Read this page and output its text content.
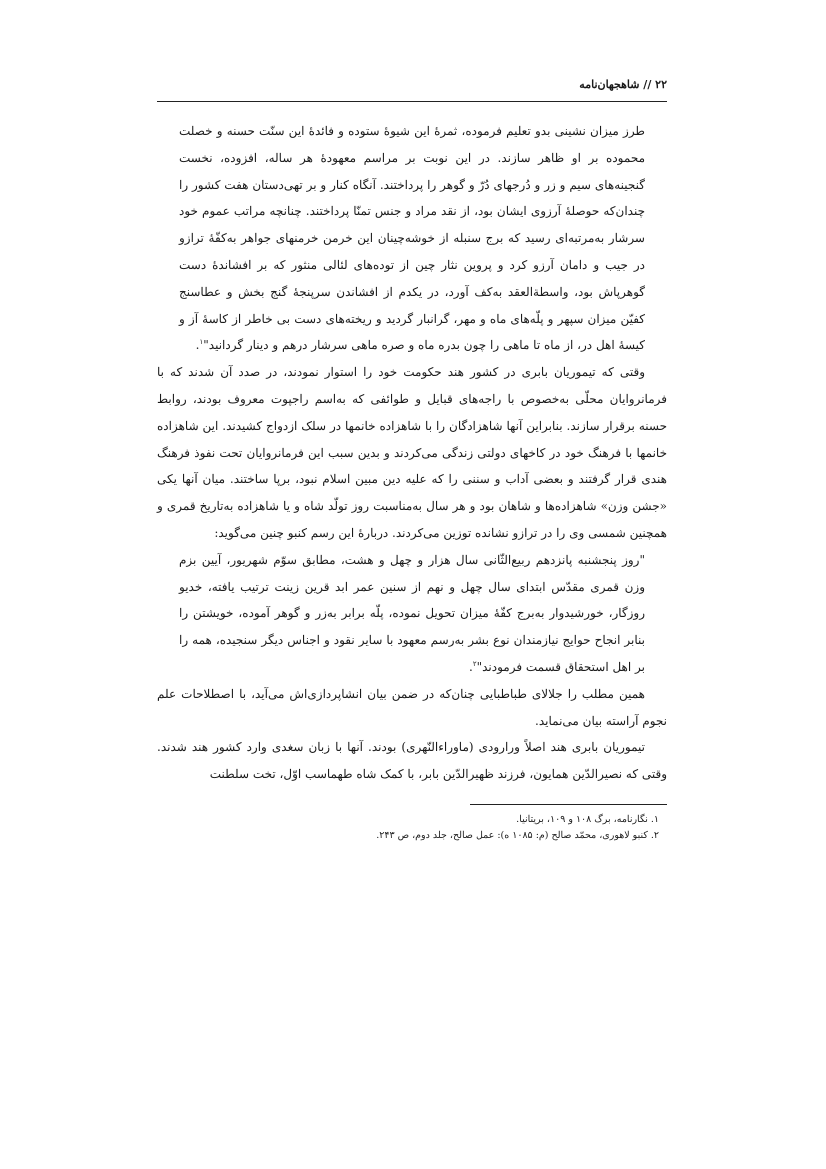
۲۲ // شاهجهان‌نامه

طرز میزان نشینی بدو تعلیم فرموده، ثمرهٔ این شیوهٔ ستوده و فائدهٔ این سنّت حسنه و خصلت محموده بر او ظاهر سازند. در این نوبت بر مراسم معهودهٔ هر ساله، افزوده، نخست گنجینه‌های سیم و زر و دُرجهای دُرّ و گوهر را پرداختند. آنگاه کنار و بر تهی‌دستان هفت کشور را چندان‌که حوصلهٔ آرزوی ایشان بود، از نقد مراد و جنس تمنّا پرداختند. چنانچه مراتب عموم خود سرشار به‌مرتبه‌ای رسید که برج سنبله از خوشه‌چینان این خرمن خرمنهای جواهر به‌کفّهٔ ترازو در جیب و دامان آرزو کرد و پروین نثار چین از توده‌های لئالی منثور که بر افشاندهٔ دست گوهرپاش بود، واسطةالعقد به‌کف آورد، در یکدم از افشاندن سرپنجهٔ گنج بخش و عطاسنج کفیّن میزان سپهر و پلّه‌های ماه و مهر، گرانبار گردید و ریخته‌های دست بی خاطر از کاسهٔ آز و کیسهٔ اهل در، از ماه تا ماهی را چون بدره ماه و صره ماهی سرشار درهم و دینار گردانید"$^۱$.

وقتی که تیموریان بابری در کشور هند حکومت خود را استوار نمودند، در صدد آن شدند که با فرمانروایان محلّی به‌خصوص با راجه‌های قبایل و طوائفی که به‌اسم راجپوت معروف بودند، روابط حسنه برقرار سازند. بنابراین آنها شاهزادگان را با شاهزاده خانمها در سلک ازدواج کشیدند. این شاهزاده خانمها با فرهنگ خود در کاخهای دولتی زندگی می‌کردند و بدین سبب این فرمانروایان تحت نفوذ فرهنگ هندی قرار گرفتند و بعضی آداب و سننی را که علیه دین مبین اسلام نبود، برپا ساختند. میان آنها یکی «جشن وزن» شاهزاده‌ها و شاهان بود و هر سال به‌مناسبت روز تولّد شاه و یا شاهزاده به‌تاریخ قمری و همچنین شمسی وی را در ترازو نشانده توزین می‌کردند. دربارهٔ این رسم کنبو چنین می‌گوید:

"روز پنجشنبه پانزدهم ربیع‌الثّانی سال هزار و چهل و هشت، مطابق سوّم شهریور، آیین بزم وزن قمری مقدّس ابتدای سال چهل و نهم از سنین عمر ابد قرین زینت ترتیب یافته، خدیو روزگار، خورشیدوار به‌برج کفّهٔ میزان تحویل نموده، پلّه برابر به‌زر و گوهر آموده، خویشتن را بنابر انجاح حوایج نیازمندان نوع بشر به‌رسم معهود با سایر نقود و اجناس دیگر سنجیده، همه را بر اهل استحقاق قسمت فرمودند"$^۲$.

همین مطلب را جلالای طباطبایی چنان‌که در ضمن بیان انشاپردازی‌اش می‌آید، با اصطلاحات علم نجوم آراسته بیان می‌نماید.

تیموریان بابری هند اصلاً ورارودی (ماوراءالنّهری) بودند. آنها با زبان سغدی وارد کشور هند شدند. وقتی که نصیرالدّین همایون، فرزند ظهیرالدّین بابر، با کمک شاه طهماسب اوّل، تخت سلطنت

۱. نگارنامه، برگ ۱۰۸ و ۱۰۹، بریتانیا.

۲. کنبو لاهوری، محمّد صالح (م: ۱۰۸۵ ه): عمل صالح، جلد دوم، ص ۲۴۳.
